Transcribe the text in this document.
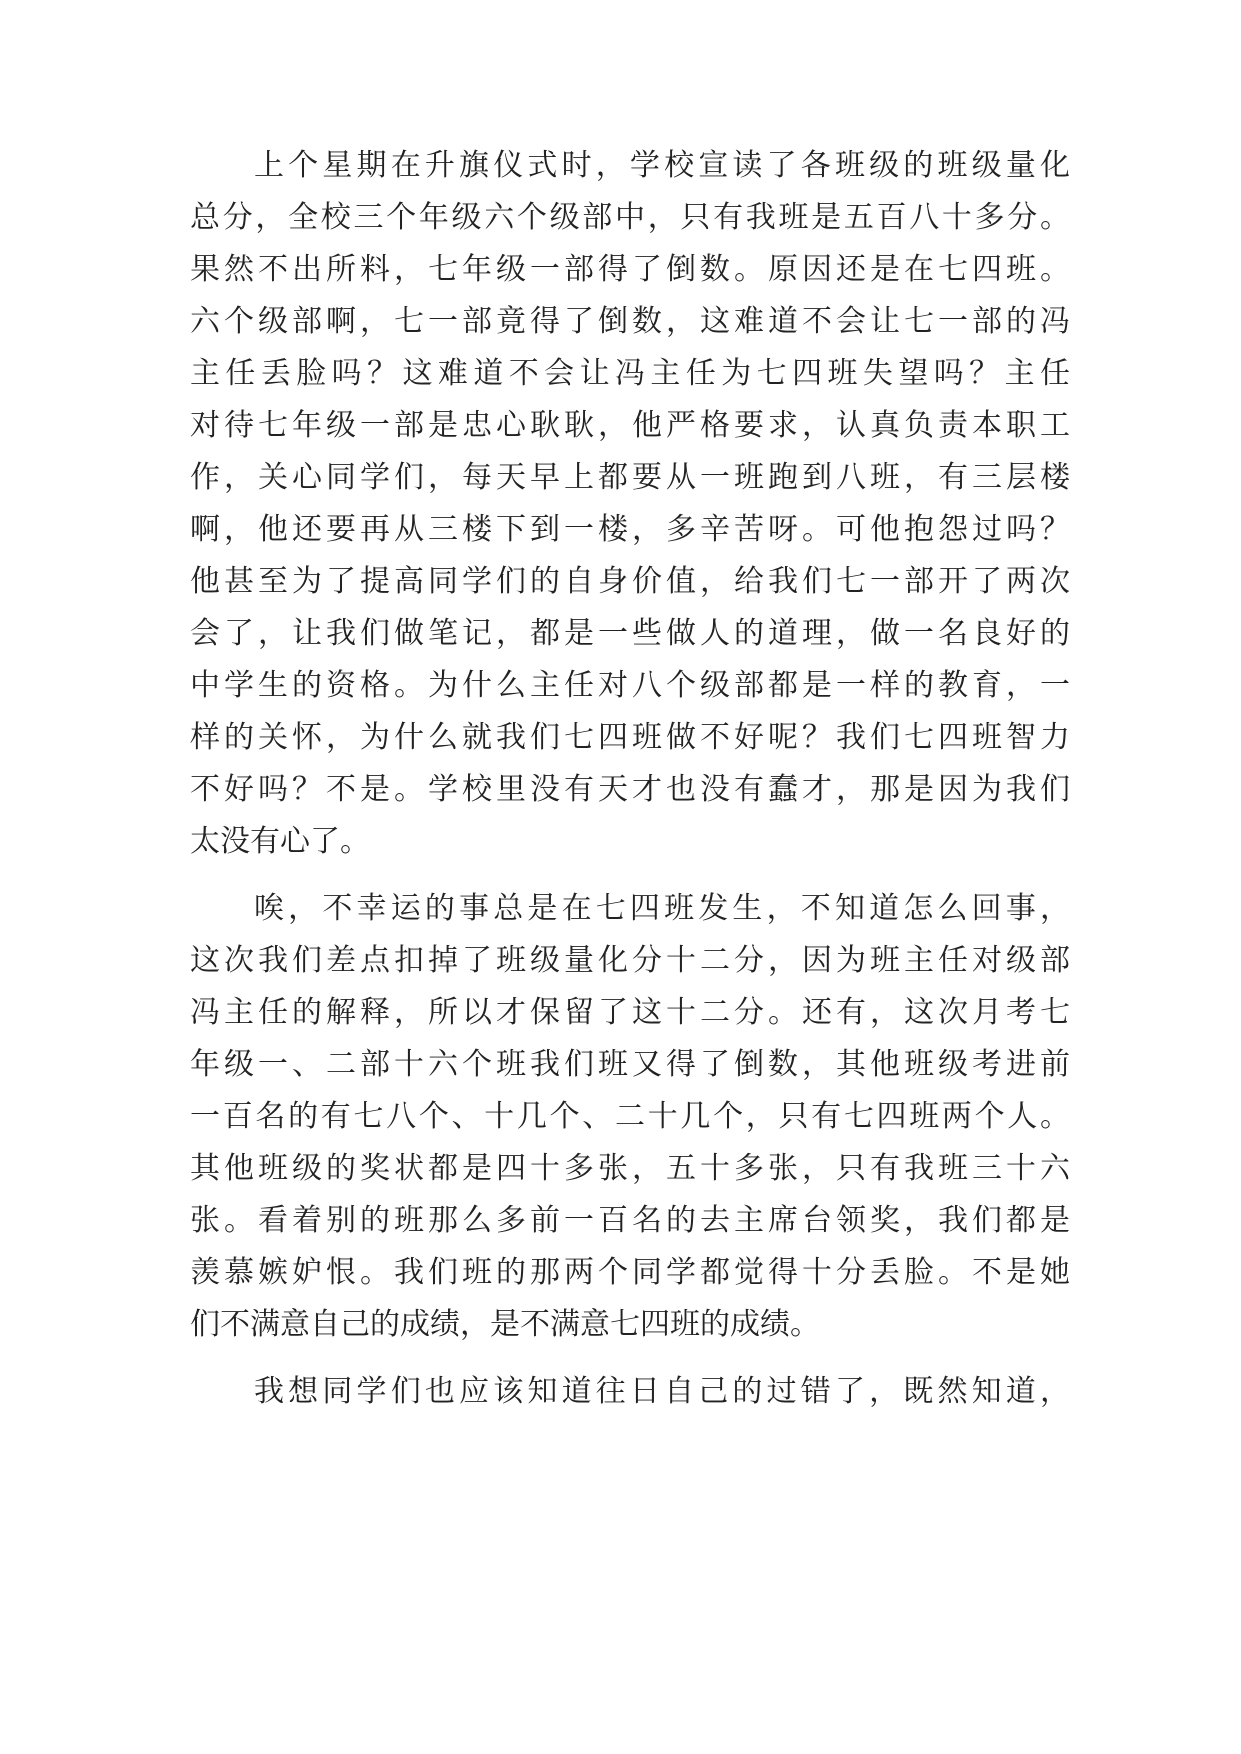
上个星期在升旗仪式时，学校宣读了各班级的班级量化
总分，全校三个年级六个级部中，只有我班是五百八十多分。
果然不出所料，七年级一部得了倒数。原因还是在七四班。
六个级部啊，七一部竟得了倒数，这难道不会让七一部的冯
主任丢脸吗？这难道不会让冯主任为七四班失望吗？主任
对待七年级一部是忠心耿耿，他严格要求，认真负责本职工
作，关心同学们，每天早上都要从一班跑到八班，有三层楼
啊，他还要再从三楼下到一楼，多辛苦呀。可他抱怨过吗？
他甚至为了提高同学们的自身价值，给我们七一部开了两次
会了，让我们做笔记，都是一些做人的道理，做一名良好的
中学生的资格。为什么主任对八个级部都是一样的教育，一
样的关怀，为什么就我们七四班做不好呢？我们七四班智力
不好吗？不是。学校里没有天才也没有蠢才，那是因为我们
太没有心了。
唉，不幸运的事总是在七四班发生，不知道怎么回事，
这次我们差点扣掉了班级量化分十二分，因为班主任对级部
冯主任的解释，所以才保留了这十二分。还有，这次月考七
年级一、二部十六个班我们班又得了倒数，其他班级考进前
一百名的有七八个、十几个、二十几个，只有七四班两个人。
其他班级的奖状都是四十多张，五十多张，只有我班三十六
张。看着别的班那么多前一百名的去主席台领奖，我们都是
羡慕嫉妒恨。我们班的那两个同学都觉得十分丢脸。不是她
们不满意自己的成绩，是不满意七四班的成绩。
我想同学们也应该知道往日自己的过错了，既然知道，
